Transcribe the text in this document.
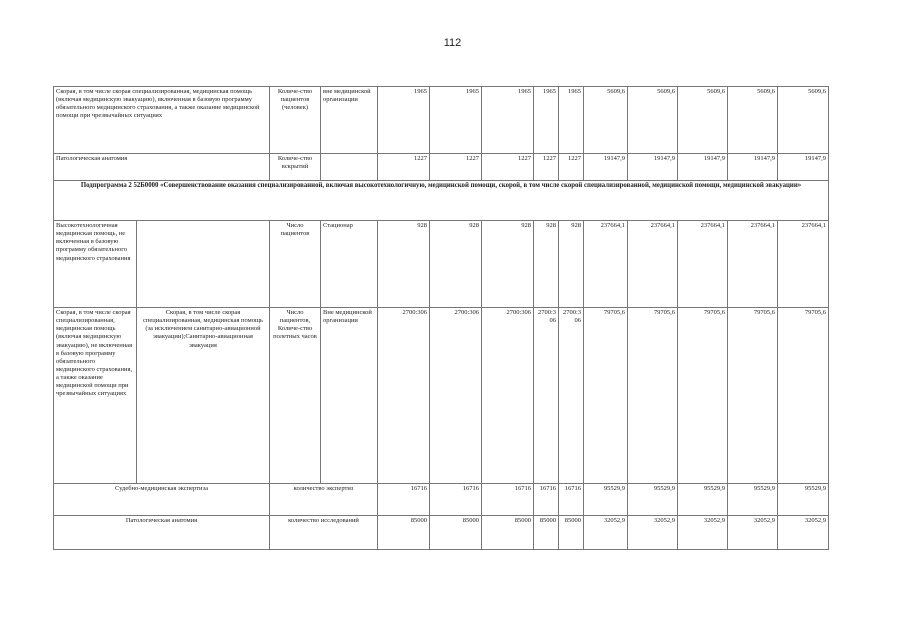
112
Скорая, в том числе скорая специализированная, медицинская помощь (включая медицинскую эвакуацию), включенная в базовую программу обязательного медицинского страхования, а также оказание медицинской помощи при чрезвычайных ситуациях		Количе-ство пациентов (человек)	вне медицинской организации	1965	1965	1965	1965	1965	5609,6	5609,6	5609,6	5609,6	5609,6
Патологическая анатомия		Количе-ство вскрытий		1227	1227	1227	1227	1227	19147,9	19147,9	19147,9	19147,9	19147,9
Подпрограмма 2 52Б0000 «Совершенствование оказания специализированной, включая высокотехнологичную, медицинской помощи, скорой, в том числе скорой специализированной, медицинской помощи, медицинской эвакуации»													
Высокотехнологичная медицинская помощь, не включенная в базовую программу обязательного медицинского страхования		Число пациентов	Стационар	928	928	928	928	928	237664,1	237664,1	237664,1	237664,1	237664,1
Скорая, в том числе скорая специализированная, медицинская помощь (включая медицинскую эвакуацию), не включенная в базовую программу обязательного медицинского страхования, а также оказание медицинской помощи при чрезвычайных ситуациях	Скорая, в том числе скорая специализированная, медицинская помощь (за исключением санитарно-авиационной эвакуации);Санитарно-авиационная эвакуация	Число пациентов, Количе-ство полетных часов	Вне медицинской организации	2700:306	2700:306	2700:306	2700:306	2700:306	79705,6	79705,6	79705,6	79705,6	79705,6
Судебно-медицинская экспертиза		количество экспертиз		16716	16716	16716	16716	16716	95529,9	95529,9	95529,9	95529,9	95529,9
Патологическая анатомия		количество исследований		85000	85000	85000	85000	85000	32052,9	32052,9	32052,9	32052,9	32052,9
